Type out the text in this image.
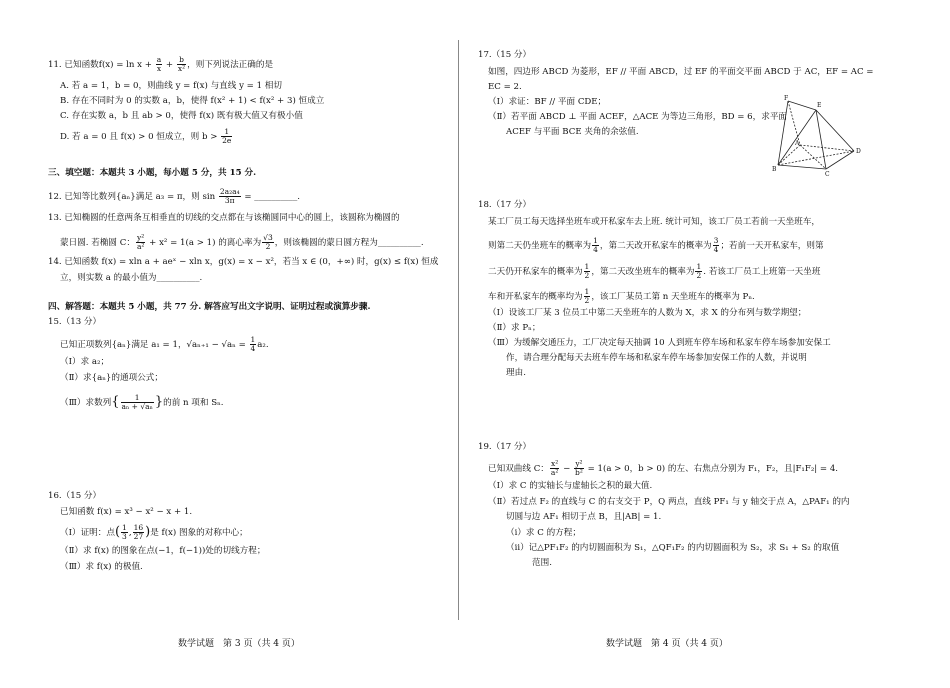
11. 已知函数$f(x) = \ln x + \frac{a}{x} + \frac{b}{\text{x²}}$ ，则下列说法正确的是
A. 若 a = 1，b = 0，则曲线 y = f(x) 与直线 y = 1 相切
B. 存在不同时为 0 的实数 a，b，使得 f(x² + 1) < f(x² + 3) 恒成立
C. 存在实数 a，b 且 ab > 0，使得 f(x) 既有极大值又有极小值
D. 若 a = 0 且 f(x) > 0 恒成立，则 $b > \frac{1}{2e}$
三、填空题：本题共 3 小题，每小题 5 分，共 15 分.
12. 已知等比数列{aₙ}满足 a₃ = π，则 $\sin \frac{\text{2a₂a₄}}{3\pi}$ = __________.
13. 已知椭圆的任意两条互相垂直的切线的交点都在与该椭圆同中心的圆上，该圆称为椭圆的
蒙日圆. 若椭圆 C： $\frac{\text{y²}}{\text{a²}} + x^2 = 1(a > 1)$ 的离心率为 $\frac{√3}{2}$ ，则该椭圆的蒙日圆方程为__________.
14. 已知函数 f(x) = xln a + aeˣ − xln x，g(x) = x − x²，若当 x ∈ (0，+∞) 时，g(x) ≤ f(x) 恒成
立，则实数 a 的最小值为__________.
四、解答题：本题共 5 小题，共 77 分. 解答应写出文字说明、证明过程或演算步骤.
15.（13 分）
已知正项数列{aₙ}满足 a₁ = 1，$√a_{n+1} - √a_n = \frac{1}{4} a_2$.
（Ⅰ）求 a₂；
（Ⅱ）求{aₙ}的通项公式；
（Ⅲ）求数列{ $\frac{1}{\text{aₙ + √aₙ}}$ }的前 n 项和 Sₙ.
16.（15 分）
已知函数 f(x) = x³ − x² − x + 1.
（Ⅰ）证明：点( $\frac{1}{3}$ , $\frac{16}{27}$ )是 f(x) 图象的对称中心；
（Ⅱ）求 f(x) 的图象在点(−1，f(−1))处的切线方程；
（Ⅲ）求 f(x) 的极值.
数学试题　第 3 页（共 4 页）
17.（15 分）
如图，四边形 ABCD 为菱形，EF // 平面 ABCD，过 EF 的平面交平面 ABCD 于 AC，EF = AC =
EC = 2.
（Ⅰ）求证：BF // 平面 CDE；
（Ⅱ）若平面 ABCD ⊥ 平面 ACEF，△ACE 为等边三角形，BD = 6，求平面
ACEF 与平面 BCE 夹角的余弦值.
18.（17 分）
某工厂员工每天选择坐班车或开私家车去上班. 统计可知，该工厂员工若前一天坐班车，
则第二天仍坐班车的概率为 $\frac{1}{4}$ ，第二天改开私家车的概率为 $\frac{3}{4}$ ；若前一天开私家车，则第
二天仍开私家车的概率为 $\frac{1}{2}$ ，第二天改坐班车的概率为 $\frac{1}{2}$ . 若该工厂员工上班第一天坐班
车和开私家车的概率均为 $\frac{1}{2}$ ，该工厂某员工第 n 天坐班车的概率为 Pₙ.
（Ⅰ）设该工厂某 3 位员工中第二天坐班车的人数为 X，求 X 的分布列与数学期望；
（Ⅱ）求 Pₙ；
（Ⅲ）为缓解交通压力，工厂决定每天抽调 10 人到班车停车场和私家车停车场参加安保工
作，请合理分配每天去班车停车场和私家车停车场参加安保工作的人数，并说明
理由.
19.（17 分）
已知双曲线 C： $\frac{\text{x²}}{\text{a²}} - \frac{\text{y²}}{\text{b²}} = 1(a > 0$，b > 0) 的左、右焦点分别为 F₁，F₂，且|F₁F₂| = 4.
（Ⅰ）求 C 的实轴长与虚轴长之积的最大值.
（Ⅱ）若过点 F₂ 的直线与 C 的右支交于 P，Q 两点，直线 PF₁ 与 y 轴交于点 A，△PAF₁ 的内
切圆与边 AF₁ 相切于点 B，且|AB| = 1.
（ⅰ）求 C 的方程；
（ⅱ）记△PF₁F₂ 的内切圆面积为 S₁，△QF₁F₂ 的内切圆面积为 S₂，求 S₁ + S₂ 的取值
范围.
数学试题　第 4 页（共 4 页）
F
E
A
D
B
C
